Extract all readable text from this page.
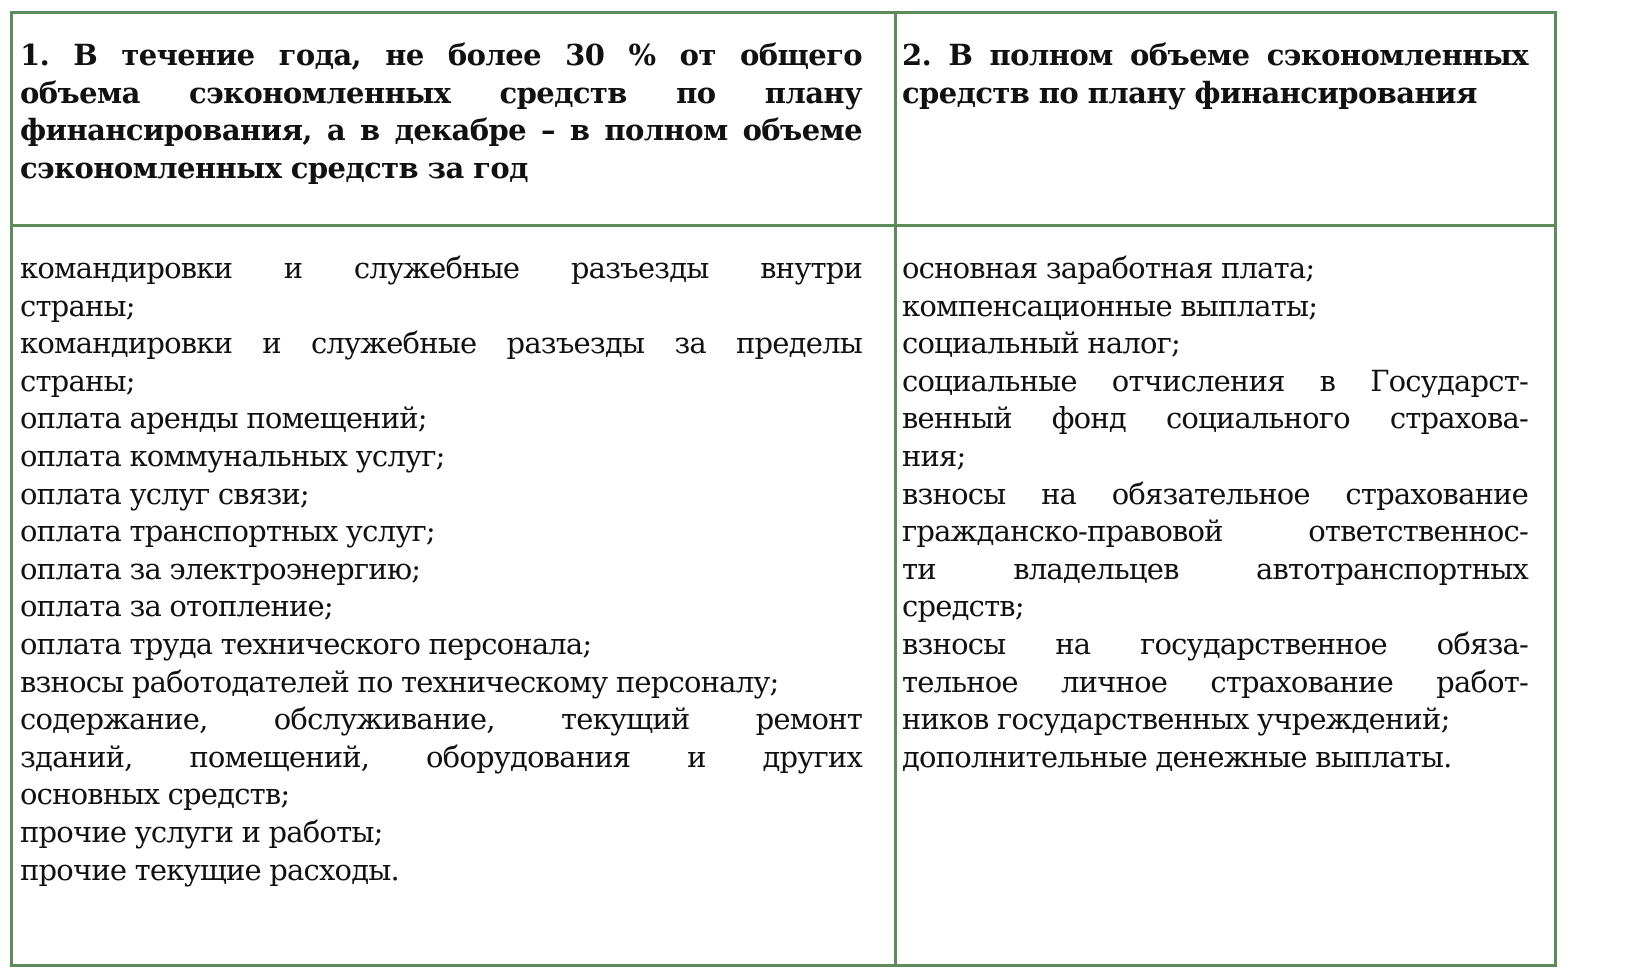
1. В течение года, не более 30 % от общего
объема сэкономленных средств по плану
финансирования, а в декабре – в полном объеме
сэкономленных средств за год
2. В полном объеме сэкономленных
средств по плану финансирования
командировки и служебные разъезды внутри
страны;
командировки и служебные разъезды за пределы
страны;
оплата аренды помещений;
оплата коммунальных услуг;
оплата услуг связи;
оплата транспортных услуг;
оплата за электроэнергию;
оплата за отопление;
оплата труда технического персонала;
взносы работодателей по техническому персоналу;
содержание, обслуживание, текущий ремонт
зданий, помещений, оборудования и других
основных средств;
прочие услуги и работы;
прочие текущие расходы.
основная заработная плата;
компенсационные выплаты;
социальный налог;
социальные отчисления в Государст-
венный фонд социального страхова-
ния;
взносы на обязательное страхование
гражданско-правовой ответственнос-
ти владельцев автотранспортных
средств;
взносы на государственное обяза-
тельное личное страхование работ-
ников государственных учреждений;
дополнительные денежные выплаты.
